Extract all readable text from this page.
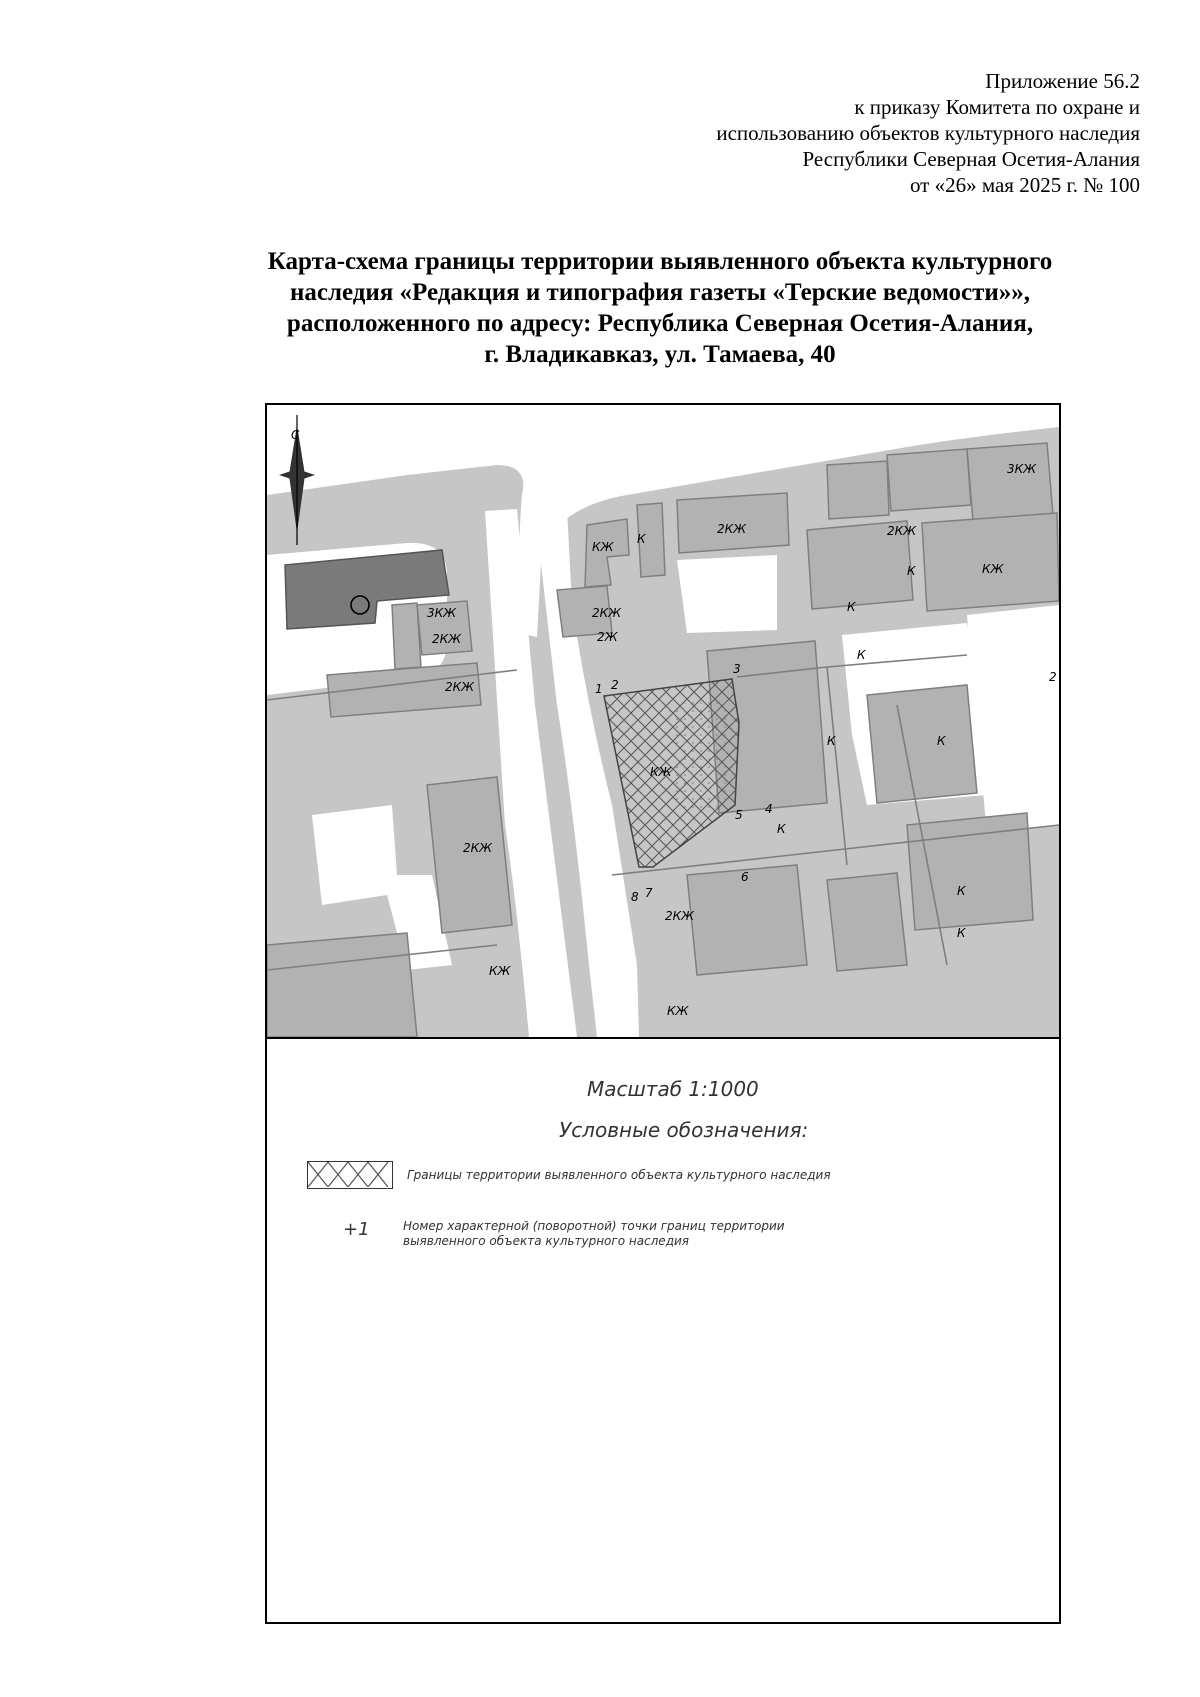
Приложение 56.2
к приказу Комитета по охране и
использованию объектов культурного наследия
Республики Северная Осетия-Алания
от «26» мая 2025 г. № 100
Карта-схема границы территории выявленного объекта культурного
наследия «Редакция и типография газеты «Терские ведомости»»,
расположенного по адресу: Республика Северная Осетия-Алания,
г. Владикавказ, ул. Тамаева, 40
С
КЖ
К
2КЖ
3КЖ
2КЖ
К	КЖ
3КЖ
2КЖ
2КЖ
2Ж
2КЖ
К
К
2КЖ
К
К
2КЖ
КЖ
КЖ
К
К
К
2
КЖ
1 2
3
4
5
6
7
8
Масштаб 1:1000
Условные обозначения:
Границы территории выявленного объекта культурного наследия
+1	Номер характерной (поворотной) точки границ территории
выявленного объекта культурного наследия
